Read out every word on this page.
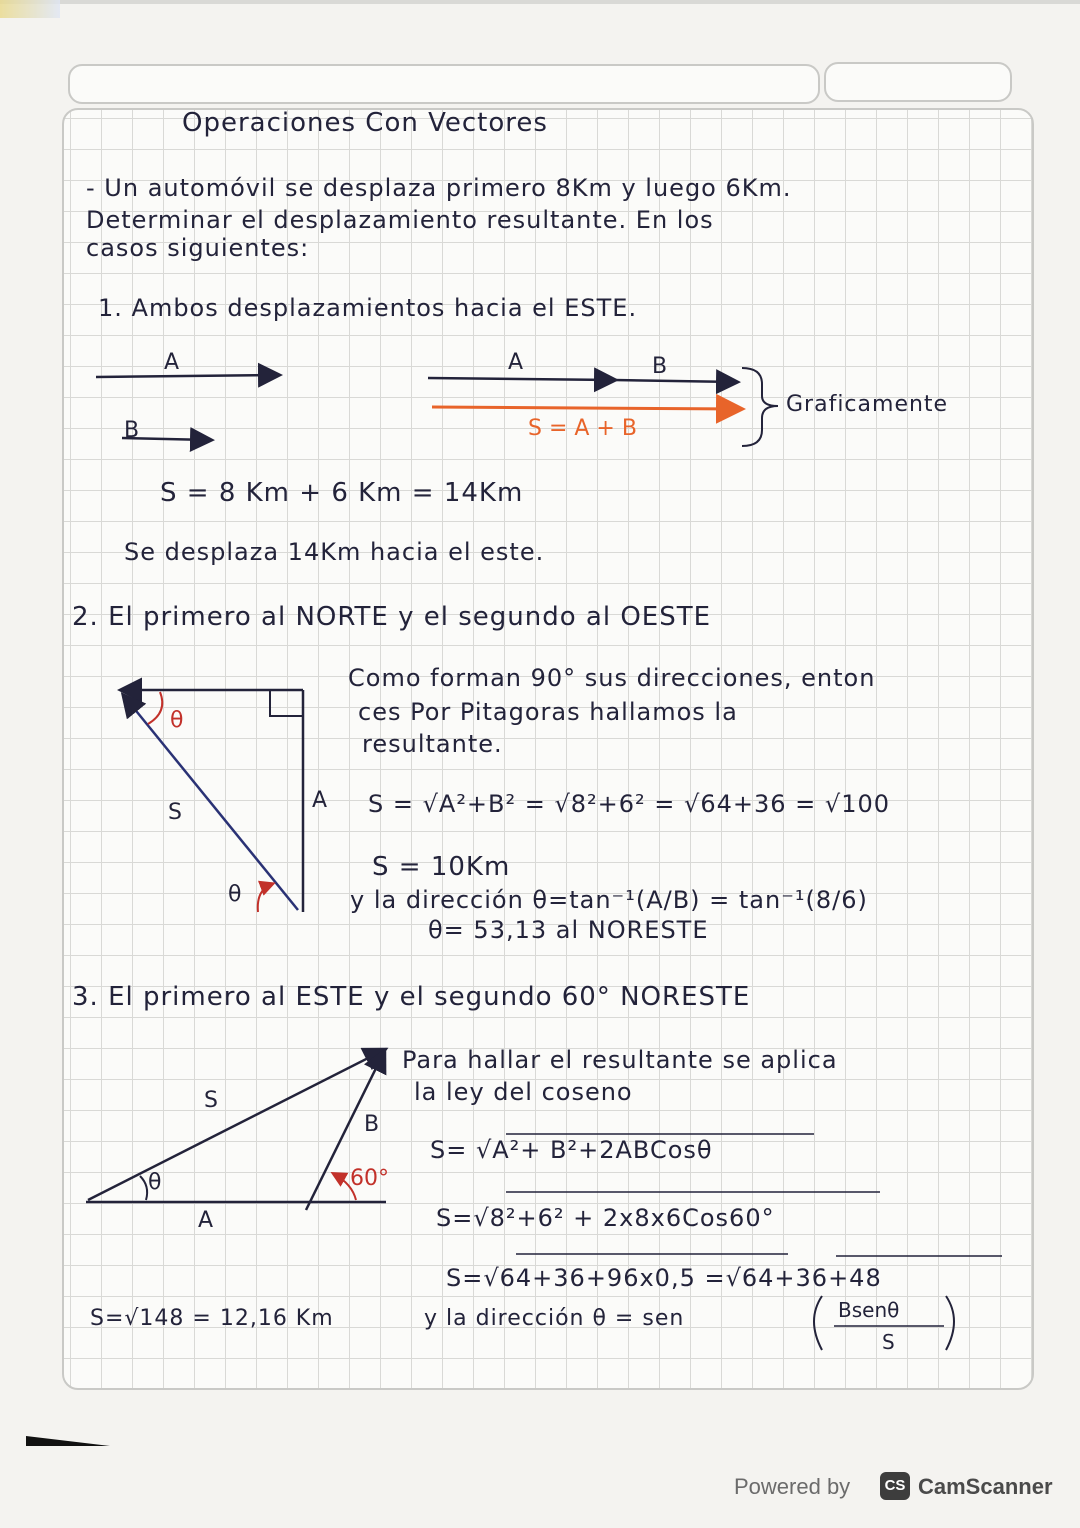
Operaciones Con Vectores

- Un automóvil se desplaza primero 8Km y luego 6Km.

Determinar el desplazamiento resultante. En los

casos siguientes:

1. Ambos desplazamientos hacia el ESTE.

A
B
A	B
S = A + B

Graficamente

S = 8 Km + 6 Km = 14Km

Se desplaza 14Km hacia el este.

2. El primero al NORTE y el segundo al OESTE

Como forman 90° sus direcciones, enton

ces Por Pitagoras hallamos la

resultante.

θ
S	A
θ

S = √A²+B² = √8²+6² = √64+36 = √100

S = 10Km

y la dirección θ=tan⁻¹(A/B) = tan⁻¹(8/6)

θ= 53,13 al NORESTE

3. El primero al ESTE y el segundo 60° NORESTE

Para hallar el resultante se aplica

la ley del coseno

S
B
A
θ	60°

S= √A²+ B²+2ABCosθ

S=√8²+6² + 2x8x6Cos60°

S=√64+36+96x0,5 =√64+36+48

S=√148 = 12,16 Km	y la dirección θ = sen	Bsenθ
S
Powered by	CS CamScanner
